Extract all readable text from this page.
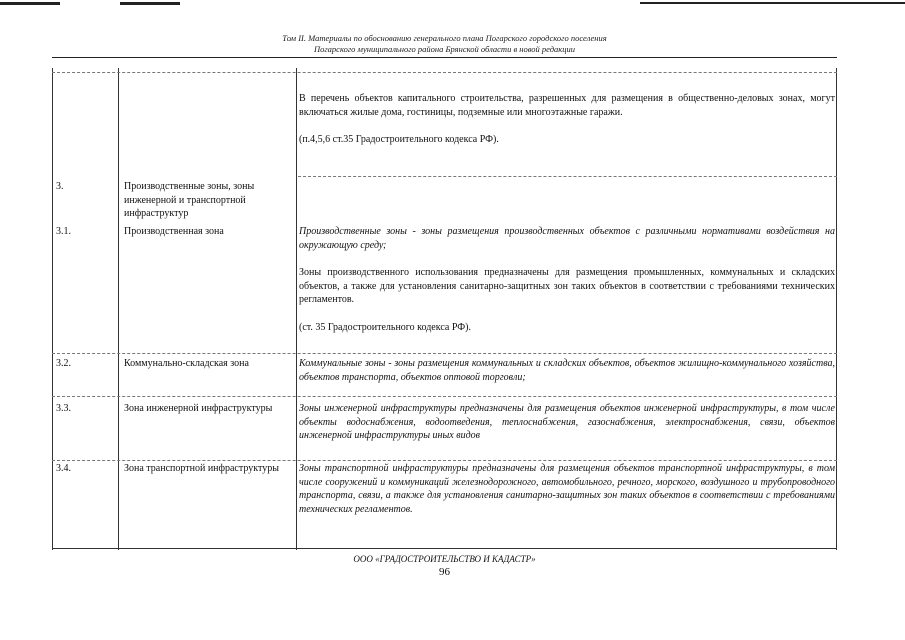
Том II. Материалы по обоснованию генерального плана Погарского городского поселения
Погарского муниципального района Брянской области в новой редакции

В перечень объектов капитального строительства, разрешенных для размещения в общественно-деловых зонах, могут включаться жилые дома, гостиницы, подземные или многоэтажные гаражи.

(п.4,5,6 ст.35 Градостроительного кодекса РФ).

3.	Производственные зоны, зоны инженерной и транспортной инфраструктур
3.1.	Производственная зона	Производственные зоны - зоны размещения производственных объектов с различными нормативами воздействия на окружающую среду;

Зоны производственного использования предназначены для размещения промышленных, коммунальных и складских объектов, а также для установления санитарно-защитных зон таких объектов в соответствии с требованиями технических регламентов.

(ст. 35 Градостроительного кодекса РФ).

3.2.	Коммунально-складская зона	Коммунальные зоны - зоны размещения коммунальных и складских объектов, объектов жилищно-коммунального хозяйства, объектов транспорта, объектов оптовой торговли;

3.3.	Зона инженерной инфраструктуры	Зоны инженерной инфраструктуры предназначены для размещения объектов инженерной инфраструктуры, в том числе объекты водоснабжения, водоотведения, теплоснабжения, газоснабжения, электроснабжения, связи, объектов инженерной инфраструктуры иных видов

3.4.	Зона транспортной инфраструктуры	Зоны транспортной инфраструктуры предназначены для размещения объектов транспортной инфраструктуры, в том числе сооружений и коммуникаций железнодорожного, автомобильного, речного, морского, воздушного и трубопроводного транспорта, связи, а также для установления санитарно-защитных зон таких объектов в соответствии с требованиями технических регламентов.

ООО «ГРАДОСТРОИТЕЛЬСТВО И КАДАСТР»
96
